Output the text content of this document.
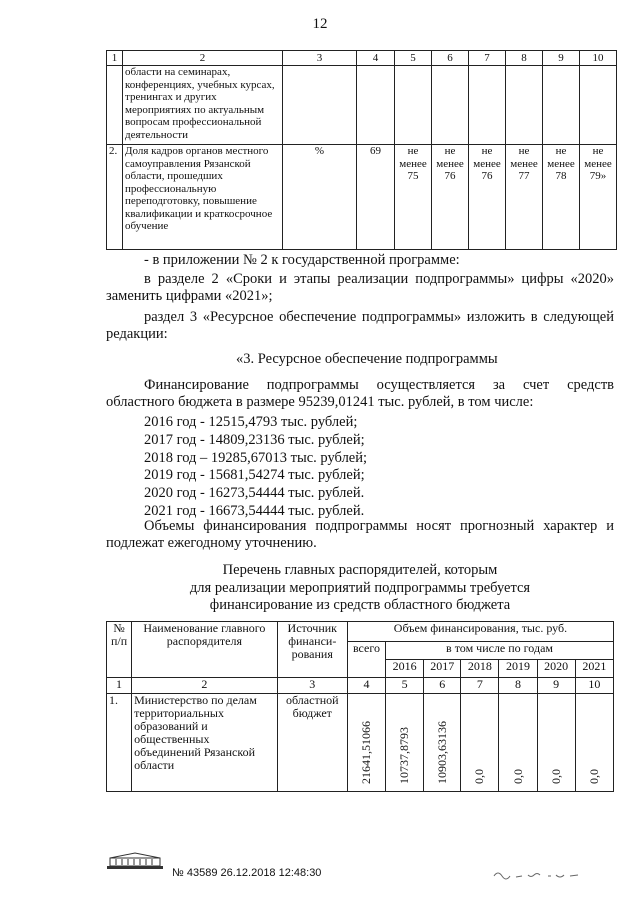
12
1	2	3	4	5	6	7	8	9	10
	области на семинарах, конференциях, учебных курсах, тренингах и других мероприятиях по актуальным вопросам профессиональной деятельности								
2.	Доля кадров органов местного самоуправления Рязанской области, прошедших профессиональную переподготовку, повышение квалификации и краткосрочное обучение	%	69	не менее 75	не менее 76	не менее 76	не менее 77	не менее 78	не менее 79»
- в приложении № 2 к государственной программе:
в разделе 2 «Сроки и этапы реализации подпрограммы» цифры «2020» заменить цифрами «2021»;
раздел 3 «Ресурсное обеспечение подпрограммы» изложить в следующей редакции:
«3. Ресурсное обеспечение подпрограммы
Финансирование подпрограммы осуществляется за счет средств областного бюджета в размере 95239,01241 тыс. рублей, в том числе:
2016 год - 12515,4793 тыс. рублей;
2017 год - 14809,23136 тыс. рублей;
2018 год – 19285,67013 тыс. рублей;
2019 год - 15681,54274 тыс. рублей;
2020 год - 16273,54444 тыс. рублей.
2021 год - 16673,54444 тыс. рублей.
Объемы финансирования подпрограммы носят прогнозный характер и подлежат ежегодному уточнению.
Перечень главных распорядителей, которым
для реализации мероприятий подпрограммы требуется
финансирование из средств областного бюджета
№ п/п	Наименование главного распорядителя	Источник финанси-рования	Объем финансирования, тыс. руб.						
			всего	в том числе по годам					
				2016	2017	2018	2019	2020	2021
1	2	3	4	5	6	7	8	9	10
1.	Министерство по делам территориальных образований и общественных объединений Рязанской области	областной бюджет	21641,51066	10737,8793	10903,63136	0,0	0,0	0,0	0,0
№ 43589 26.12.2018 12:48:30
